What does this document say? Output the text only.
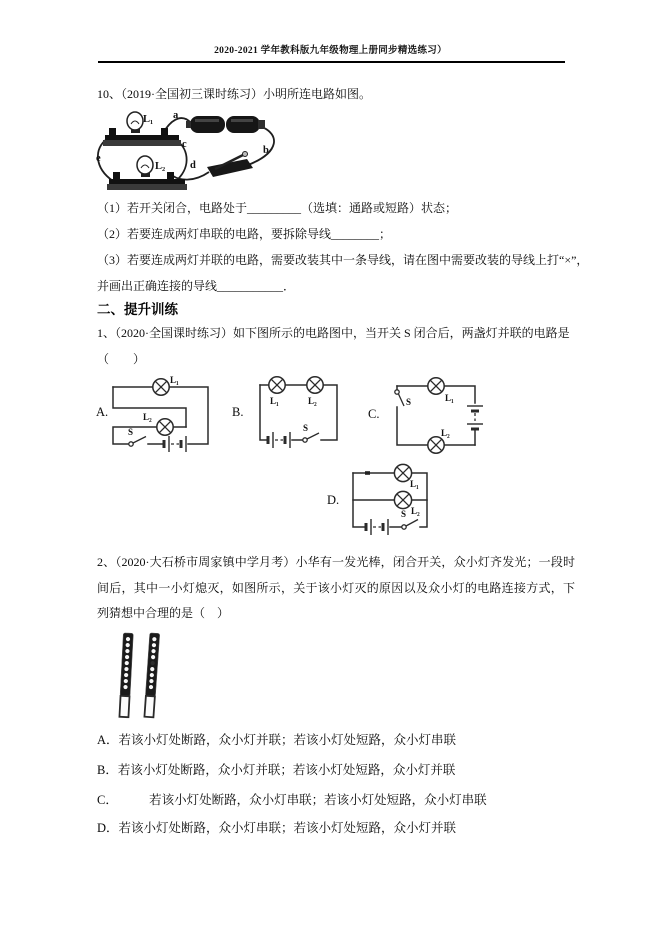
2020-2021 学年教科版九年级物理上册同步精选练习）
10、（2019·全国初三课时练习）小明所连电路如图。
L₁
L₂
a
b
c
d
e
（1）若开关闭合，电路处于_________（选填：通路或短路）状态；
（2）若要连成两灯串联的电路，要拆除导线________；
（3）若要连成两灯并联的电路，需要改装其中一条导线，请在图中需要改装的导线上打“×”，
并画出正确连接的导线___________．
二、提升训练
1、（2020·全国课时练习）如下图所示的电路图中，当开关 S 闭合后，两盏灯并联的电路是
（　　）
A.	B.	C.
D.
L₁
L₂
S
L₁	L₂
S
L₁
S
L₂
L₁
L₂
S
2、（2020·大石桥市周家镇中学月考）小华有一发光棒，闭合开关，众小灯齐发光；一段时间后，其中一小灯熄灭，如图所示，关于该小灯灭的原因以及众小灯的电路连接方式，下列猜想中合理的是（　）
A．若该小灯处断路，众小灯并联；若该小灯处短路，众小灯串联
B．若该小灯处断路，众小灯并联；若该小灯处短路，众小灯并联
C．　　　若该小灯处断路，众小灯串联；若该小灯处短路，众小灯串联
D．若该小灯处断路，众小灯串联；若该小灯处短路，众小灯并联
